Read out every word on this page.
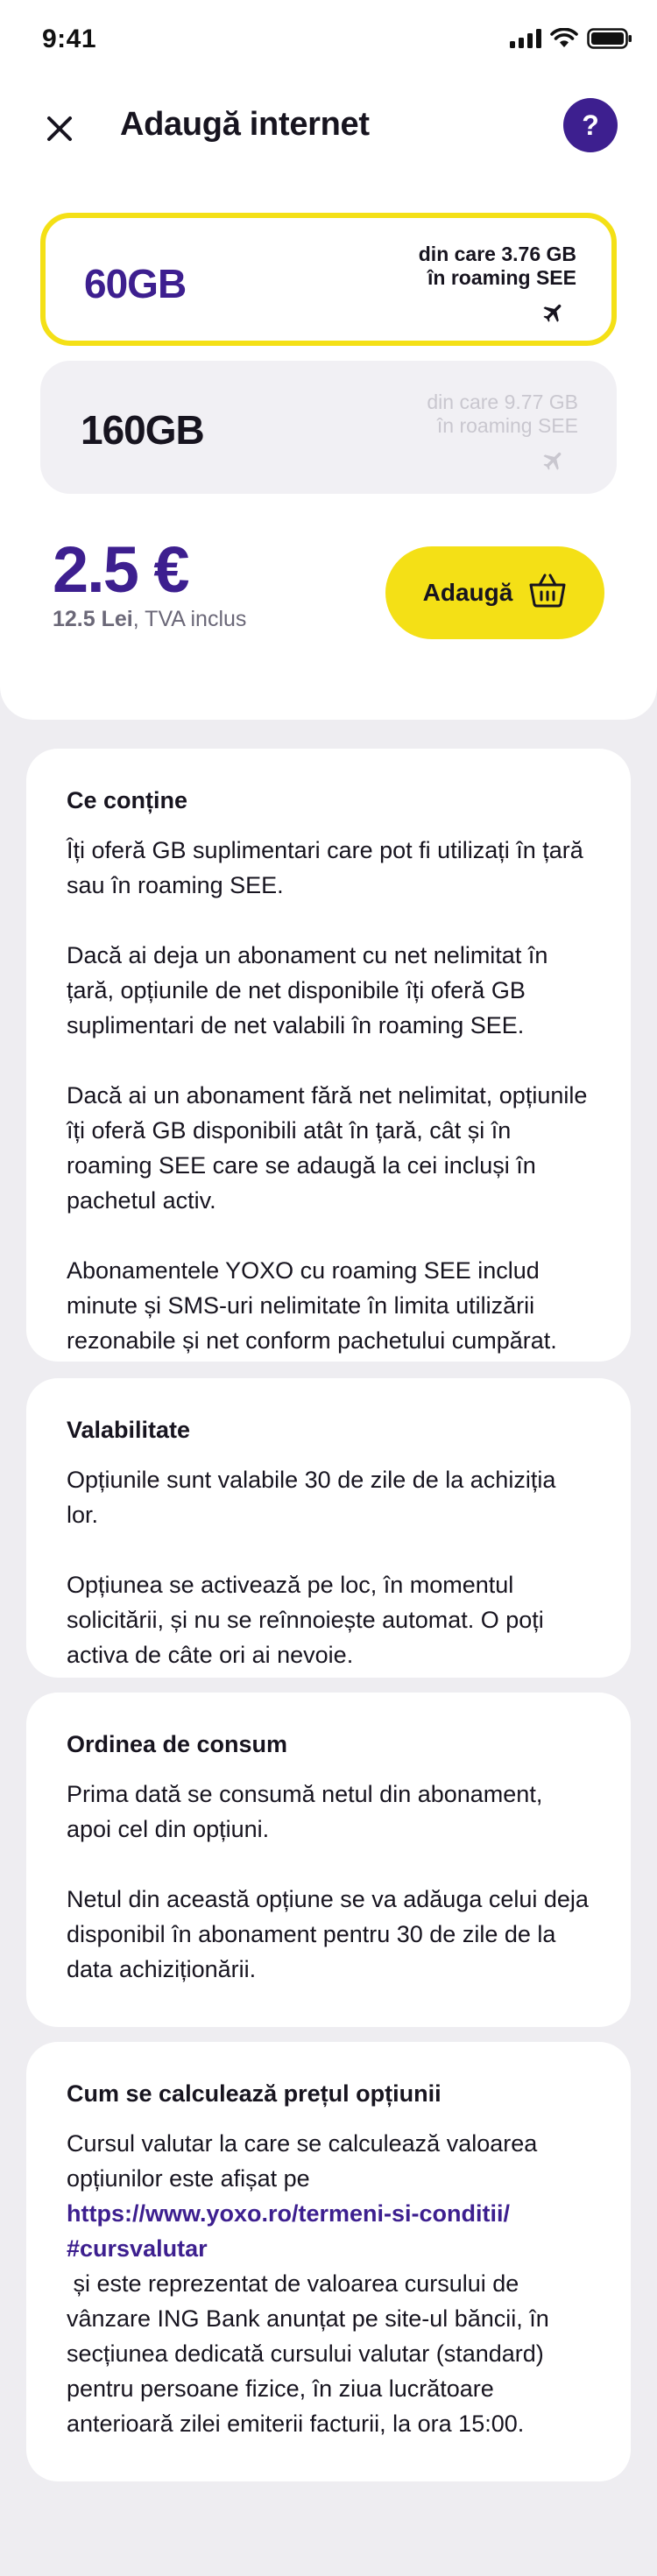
9:41
Adaugă internet	?
60GB
din care 3.76 GB
în roaming SEE
160GB
din care 9.77 GB
în roaming SEE
2.5 €
12.5 Lei, TVA inclus
Adaugă
Ce conține

Îți oferă GB suplimentari care pot fi utilizați în țară sau în roaming SEE.

Dacă ai deja un abonament cu net nelimitat în țară, opțiunile de net disponibile îți oferă GB suplimentari de net valabili în roaming SEE.

Dacă ai un abonament fără net nelimitat, opțiunile îți oferă GB disponibili atât în țară, cât și în roaming SEE care se adaugă la cei incluși în pachetul activ.

Abonamentele YOXO cu roaming SEE includ minute și SMS-uri nelimitate în limita utilizării rezonabile și net conform pachetului cumpărat.

Valabilitate

Opțiunile sunt valabile 30 de zile de la achiziția lor.

Opțiunea se activează pe loc, în momentul solicitării, și nu se reînnoiește automat. O poți activa de câte ori ai nevoie.

Ordinea de consum

Prima dată se consumă netul din abonament, apoi cel din opțiuni.

Netul din această opțiune se va adăuga celui deja disponibil în abonament pentru 30 de zile de la data achiziționării.

Cum se calculează prețul opțiunii
Cursul valutar la care se calculează valoarea opțiunilor este afișat pe
https://www.yoxo.ro/termeni-si-conditii/
#cursvalutar
și este reprezentat de valoarea cursului de vânzare ING Bank anunțat pe site-ul băncii, în secțiunea dedicată cursului valutar (standard) pentru persoane fizice, în ziua lucrătoare anterioară zilei emiterii facturii, la ora 15:00.
